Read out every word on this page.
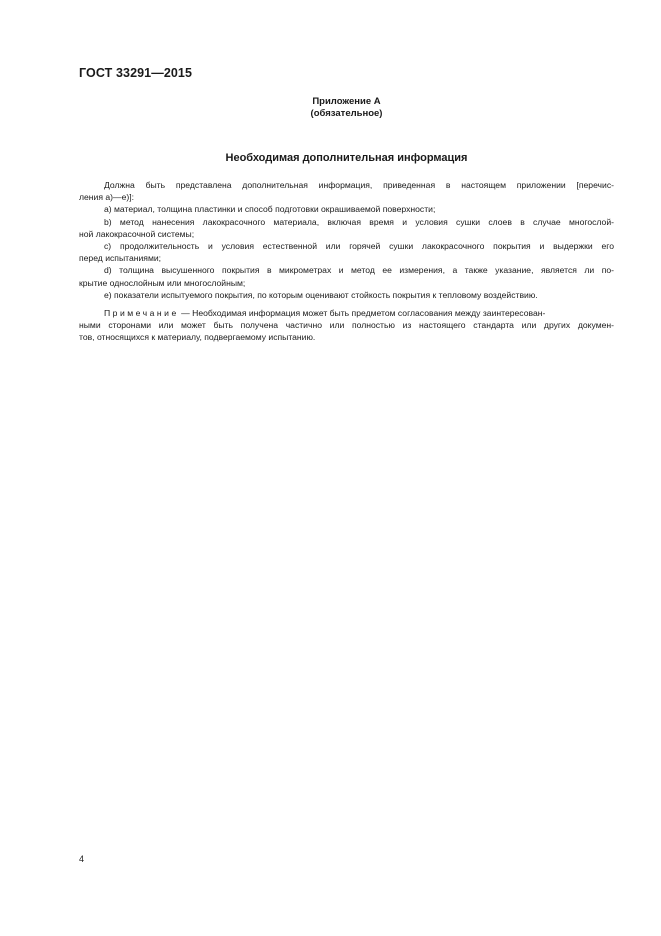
ГОСТ 33291—2015
Приложение А
(обязательное)
Необходимая дополнительная информация
Должна быть представлена дополнительная информация, приведенная в настоящем приложении [перечис-
ления а)—е)]:
а) материал, толщина пластинки и способ подготовки окрашиваемой поверхности;
b) метод нанесения лакокрасочного материала, включая время и условия сушки слоев в случае многослой-
ной лакокрасочной системы;
c) продолжительность и условия естественной или горячей сушки лакокрасочного покрытия и выдержки его
перед испытаниями;
d) толщина высушенного покрытия в микрометрах и метод ее измерения, а также указание, является ли по-
крытие однослойным или многослойным;
е) показатели испытуемого покрытия, по которым оценивают стойкость покрытия к тепловому воздействию.
Примечание — Необходимая информация может быть предметом согласования между заинтересован-
ными сторонами или может быть получена частично или полностью из настоящего стандарта или других докумен-
тов, относящихся к материалу, подвергаемому испытанию.
4
